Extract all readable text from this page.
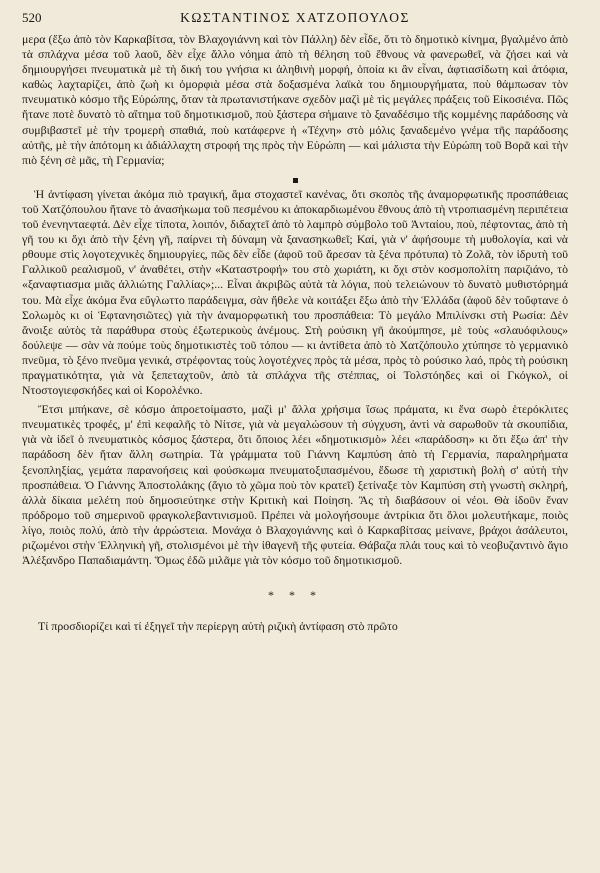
520	ΚΩΣΤΑΝΤΙΝΟΣ ΧΑΤΖΟΠΟΥΛΟΣ

μερα (ἔξω ἀπὸ τὸν Καρκαβίτσα, τὸν Βλαχογιάννη καὶ τὸν Πάλλη) δὲν εἶδε, ὅτι τὸ δημοτικὸ κίνημα, βγαλμένο ἀπὸ τὰ σπλάχνα μέσα τοῦ λαοῦ, δὲν εἶχε ἄλλο νόημα ἀπὸ τὴ θέληση τοῦ ἔθνους νὰ φανερωθεῖ, νὰ ζήσει καὶ νὰ δημιουργήσει πνευματικὰ μὲ τὴ δική του γνήσια κι ἀληθινὴ μορφή, ὁποία κι ἂν εἶναι, ἀφτιασίδωτη καὶ ἀτόφια, καθὼς λαχταρίζει, ἀπὸ ζωὴ κι ὀμορφιὰ μέσα στὰ δοξασμένα λαϊκὰ του δημιουργήματα, ποὺ θάμπωσαν τὸν πνευματικὸ κόσμο τῆς Εὐρώπης, ὅταν τὰ πρωτανιστήκανε σχεδὸν μαζὶ μὲ τὶς μεγάλες πράξεις τοῦ Εἰκοσιένα. Πῶς ἤτανε ποτὲ δυνατὸ τὸ αἴτημα τοῦ δημοτικισμοῦ, ποὺ ξάστερα σήμαινε τὸ ξαναδέσιμο τῆς κομμένης παράδοσης νὰ συμβιβαστεῖ μὲ τὴν τρομερὴ σπαθιά, ποὺ κατάφερνε ἡ «Τέχνη» στὸ μόλις ξαναδεμένο γνέμα τῆς παράδοσης αὐτῆς, μὲ τὴν ἀπότομη κι ἀδιάλλαχτη στροφή της πρὸς τὴν Εὐρώπη — καὶ μάλιστα τὴν Εὐρώπη τοῦ Βορᾶ καὶ τὴν πιὸ ξένη σὲ μᾶς, τὴ Γερμανία;

Ἡ ἀντίφαση γίνεται ἀκόμα πιὸ τραγική, ἅμα στοχαστεῖ κανένας, ὅτι σκοπὸς τῆς ἀναμορφωτικῆς προσπάθειας τοῦ Χατζόπουλου ἤτανε τὸ ἀνασήκωμα τοῦ πεσμένου κι ἀποκαρδιωμένου ἔθνους ἀπὸ τὴ ντροπιασμένη περιπέτεια τοῦ ἐνενηνταεφτά. Δὲν εἶχε τίποτα, λοιπόν, διδαχτεῖ ἀπὸ τὸ λαμπρὸ σύμβολο τοῦ Ἀνταίου, ποὺ, πέφτοντας, ἀπὸ τὴ γῆ του κι ὄχι ἀπὸ τὴν ξένη γῆ, παίρνει τὴ δύναμη νὰ ξανασηκωθεῖ; Καί, γιὰ ν' ἀφήσουμε τὴ μυθολογία, καὶ νὰ ρθουμε στὶς λογοτεχνικὲς δημιουργίες, πῶς δὲν εἶδε (ἀφοῦ τοῦ ἄρεσαν τὰ ξένα πρότυπα) τὸ Ζολᾶ, τὸν ἱδρυτὴ τοῦ Γαλλικοῦ ρεαλισμοῦ, ν' ἀναθέτει, στὴν «Καταστροφή» του στὸ χωριάτη, κι ὄχι στὸν κοσμοπολίτη παριζιάνο, τὸ «ξαναφτιασμα μιᾶς ἀλλιώτης Γαλλίας»;... Εἶναι ἀκριβῶς αὐτὰ τὰ λόγια, ποὺ τελειώνουν τὸ δυνατὸ μυθιστόρημά του. Μὰ εἶχε ἀκόμα ἕνα εὔγλωττο παράδειγμα, σὰν ἤθελε νὰ κοιτάξει ἔξω ἀπὸ τὴν Ἑλλάδα (ἀφοῦ δὲν τοὔφτανε ὁ Σολωμὸς κι οἱ Ἑφτανησιῶτες) γιὰ τὴν ἀναμορφωτικὴ του προσπάθεια: Τὸ μεγάλο Μπιλίνσκι στὴ Ρωσία: Δὲν ἄνοιξε αὐτὸς τὰ παράθυρα στοὺς ἐξωτερικοὺς ἀνέμους. Στὴ ρούσικη γῆ ἀκούμπησε, μὲ τοὺς «σλαυόφιλους» δούλεψε — σὰν νὰ πούμε τοὺς δημοτικιστὲς τοῦ τόπου — κι ἀντίθετα ἀπὸ τὸ Χατζόπουλο χτύπησε τὸ γερμανικὸ πνεῦμα, τὸ ξένο πνεῦμα γενικά, στρέφοντας τοὺς λογοτέχνες πρὸς τὰ μέσα, πρὸς τὸ ρούσικο λαό, πρὸς τὴ ρούσικη πραγματικότητα, γιὰ νὰ ξεπεταχτοῦν, ἀπὸ τὰ σπλάχνα τῆς στέππας, οἱ Τολστόηδες καὶ οἱ Γκόγκολ, οἱ Ντοστογιεφσκήδες καὶ οἱ Κορολένκο.

Ἔτσι μπήκανε, σὲ κόσμο ἀπροετοίμαστο, μαζὶ μ' ἄλλα χρήσιμα ἴσως πράματα, κι ἕνα σωρὸ ἑτερόκλιτες πνευματικὲς τροφές, μ' ἐπὶ κεφαλῆς τὸ Νίτσε, γιὰ νὰ μεγαλώσουν τὴ σύγχυση, ἀντὶ νὰ σαρωθοῦν τὰ σκουπίδια, γιὰ νὰ ἰδεῖ ὁ πνευματικὸς κόσμος ξάστερα, ὅτι ὅποιος λέει «δημοτικισμὸ» λέει «παράδοση» κι ὅτι ἔξω ἀπ' τὴν παράδοση δὲν ἤταν ἄλλη σωτηρία. Τὰ γράμματα τοῦ Γιάννη Καμπύση ἀπὸ τὴ Γερμανία, παραληρήματα ξενοπληξίας, γεμάτα παρανοήσεις καὶ φούσκωμα πνευματοξιπασμένου, ἔδωσε τὴ χαριστικὴ βολὴ σ' αὐτὴ τὴν προσπάθεια. Ὁ Γιάννης Ἀποστολάκης (ἄγιο τὸ χῶμα ποὺ τὸν κρατεῖ) ξετίναξε τὸν Καμπύση στὴ γνωστὴ σκληρή, ἀλλὰ δίκαια μελέτη ποὺ δημοσιεύτηκε στὴν Κριτικὴ καὶ Ποίηση. Ἂς τὴ διαβάσουν οἱ νέοι. Θὰ ἰδοῦν ἕναν πρόδρομο τοῦ σημερινοῦ φραγκολεβαντινισμοῦ. Πρέπει νὰ μολογήσουμε ἀντρίκια ὅτι ὅλοι μολευτήκαμε, ποιὸς λίγο, ποιὸς πολύ, ἀπὸ τὴν ἀρρώστεια. Μονάχα ὁ Βλαχογιάννης καὶ ὁ Καρκαβίτσας μείνανε, βράχοι ἀσάλευτοι, ριζωμένοι στὴν Ἑλληνικὴ γῆ, στολισμένοι μὲ τὴν ἰθαγενῆ τῆς φυτεία. Θάβαζα πλάι τους καὶ τὸ νεοβυζαντινὸ ἅγιο Ἀλέξανδρο Παπαδιαμάντη. Ὅμως ἐδῶ μιλᾶμε γιὰ τὸν κόσμο τοῦ δημοτικισμοῦ.

* * *

Τί προσδιορίζει καὶ τί ἐξηγεῖ τὴν περίεργη αὐτὴ ριζικὴ ἀντίφαση στὸ πρῶτο
